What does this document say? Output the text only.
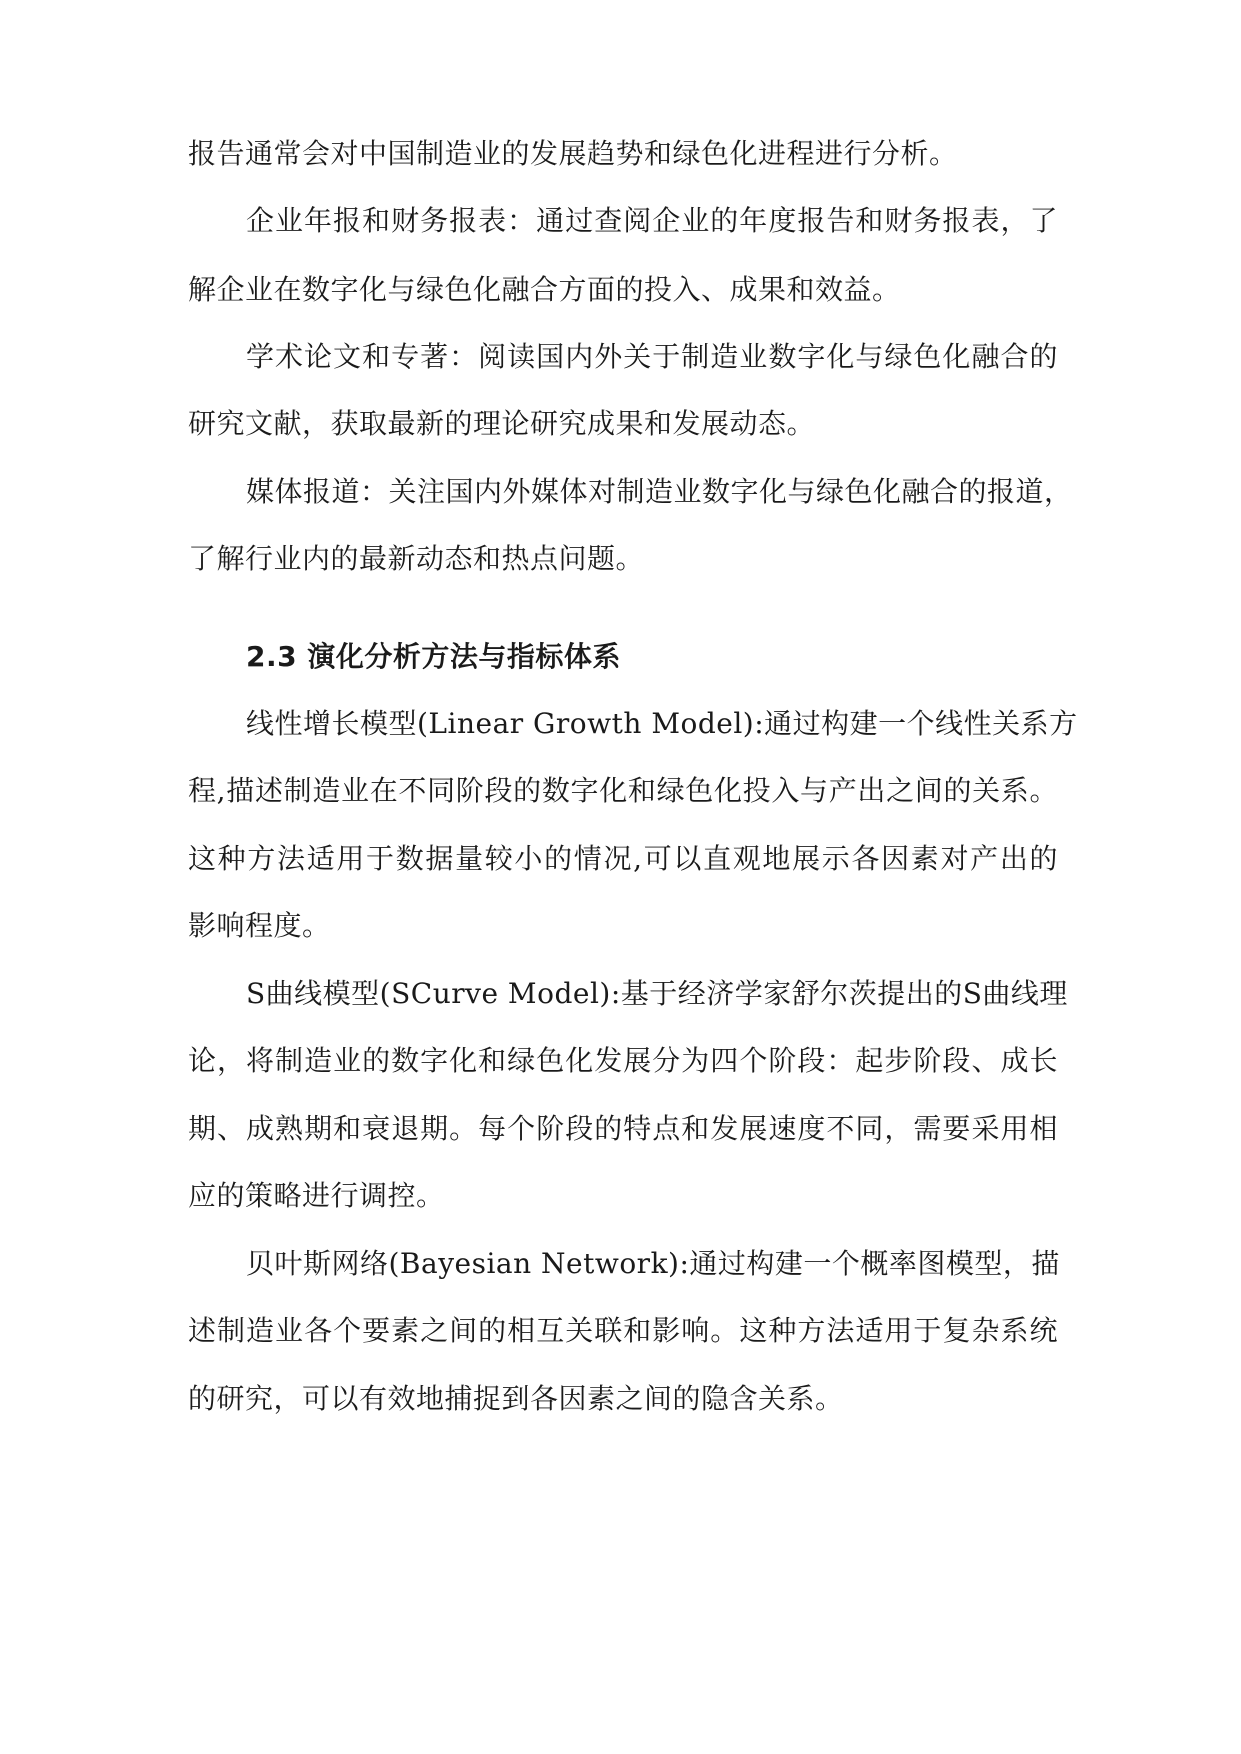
报告通常会对中国制造业的发展趋势和绿色化进程进行分析。
企业年报和财务报表：通过查阅企业的年度报告和财务报表，了
解企业在数字化与绿色化融合方面的投入、成果和效益。
学术论文和专著：阅读国内外关于制造业数字化与绿色化融合的
研究文献，获取最新的理论研究成果和发展动态。
媒体报道：关注国内外媒体对制造业数字化与绿色化融合的报道，
了解行业内的最新动态和热点问题。
2.3 演化分析方法与指标体系
线性增长模型(Linear Growth Model):通过构建一个线性关系方
程,描述制造业在不同阶段的数字化和绿色化投入与产出之间的关系。
这种方法适用于数据量较小的情况,可以直观地展示各因素对产出的
影响程度。
S曲线模型(SCurve Model):基于经济学家舒尔茨提出的S曲线理
论，将制造业的数字化和绿色化发展分为四个阶段：起步阶段、成长
期、成熟期和衰退期。每个阶段的特点和发展速度不同，需要采用相
应的策略进行调控。
贝叶斯网络(Bayesian Network):通过构建一个概率图模型，描
述制造业各个要素之间的相互关联和影响。这种方法适用于复杂系统
的研究，可以有效地捕捉到各因素之间的隐含关系。
